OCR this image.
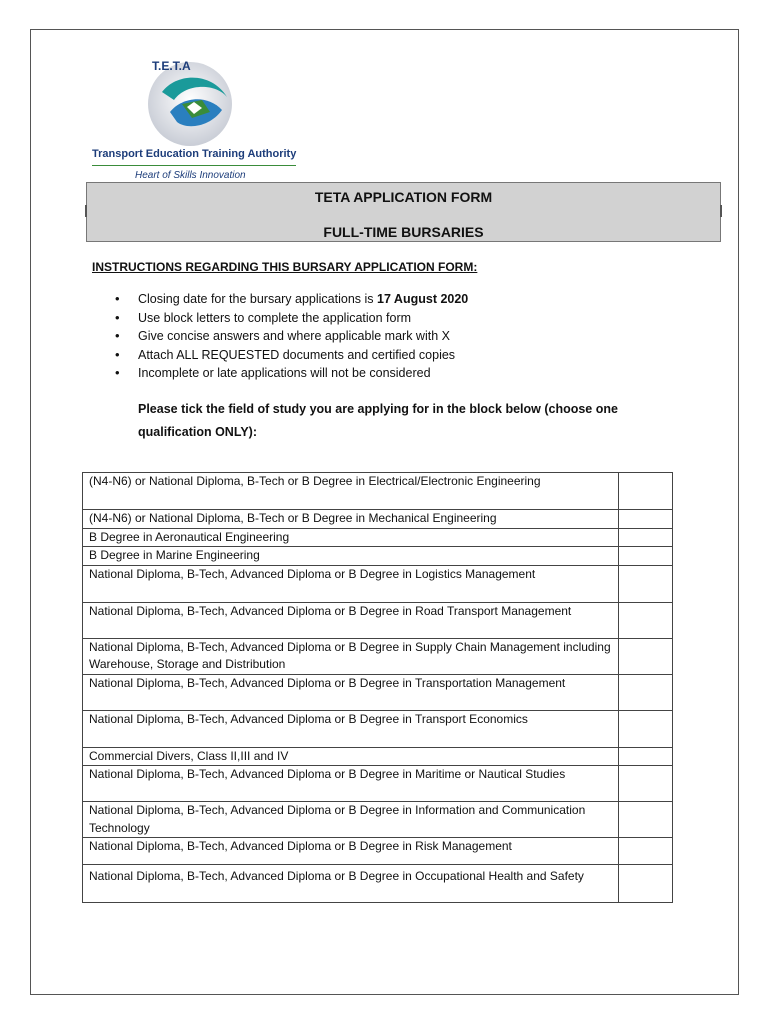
T.E.T.A
Transport Education Training Authority
Heart of Skills Innovation
TETA APPLICATION FORM
FULL-TIME BURSARIES
INSTRUCTIONS REGARDING THIS BURSARY APPLICATION FORM:
• Closing date for the bursary applications is 17 August 2020
• Use block letters to complete the application form
• Give concise answers and where applicable mark with X
• Attach ALL REQUESTED documents and certified copies
• Incomplete or late applications will not be considered
Please tick the field of study you are applying for in the block below (choose one qualification ONLY):
(N4-N6) or National Diploma, B-Tech or B Degree in Electrical/Electronic Engineering	
(N4-N6) or National Diploma, B-Tech or B Degree in Mechanical Engineering	
B Degree in Aeronautical Engineering	
B Degree in Marine Engineering	
National Diploma, B-Tech, Advanced Diploma or B Degree in Logistics Management	
National Diploma, B-Tech, Advanced Diploma or B Degree in Road Transport Management	
National Diploma, B-Tech, Advanced Diploma or B Degree in Supply Chain Management including Warehouse, Storage and Distribution	
National Diploma, B-Tech, Advanced Diploma or B Degree in Transportation Management	
National Diploma, B-Tech, Advanced Diploma or B Degree in Transport Economics	
Commercial Divers, Class II,III and IV	
National Diploma, B-Tech, Advanced Diploma or B Degree in Maritime or Nautical Studies	
National Diploma, B-Tech, Advanced Diploma or B Degree in Information and Communication Technology	
National Diploma, B-Tech, Advanced Diploma or B Degree in Risk Management	
National Diploma, B-Tech, Advanced Diploma or B Degree in Occupational Health and Safety	
